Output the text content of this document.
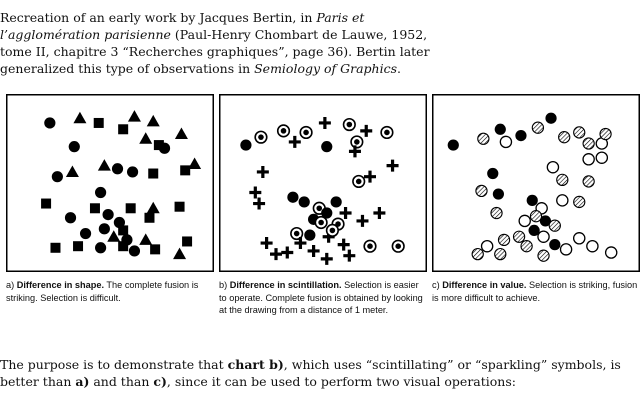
Recreation of an early work by Jacques Bertin, in Paris et l’agglomération parisienne (Paul-Henry Chombart de Lauwe, 1952, tome II, chapitre 3 “Recherches graphiques”, page 36). Bertin later generalized this type of observations in Semiology of Graphics.

a) Difference in shape. The complete fusion is striking. Selection is difficult.
b) Difference in scintillation. Selection is easier to operate. Complete fusion is obtained by looking at the drawing from a distance of 1 meter.
c) Difference in value. Selection is striking, fusion is more difficult to achieve.

The purpose is to demonstrate that chart b), which uses “scintillating” or “sparkling” symbols, is better than a) and than c), since it can be used to perform two visual operations:
